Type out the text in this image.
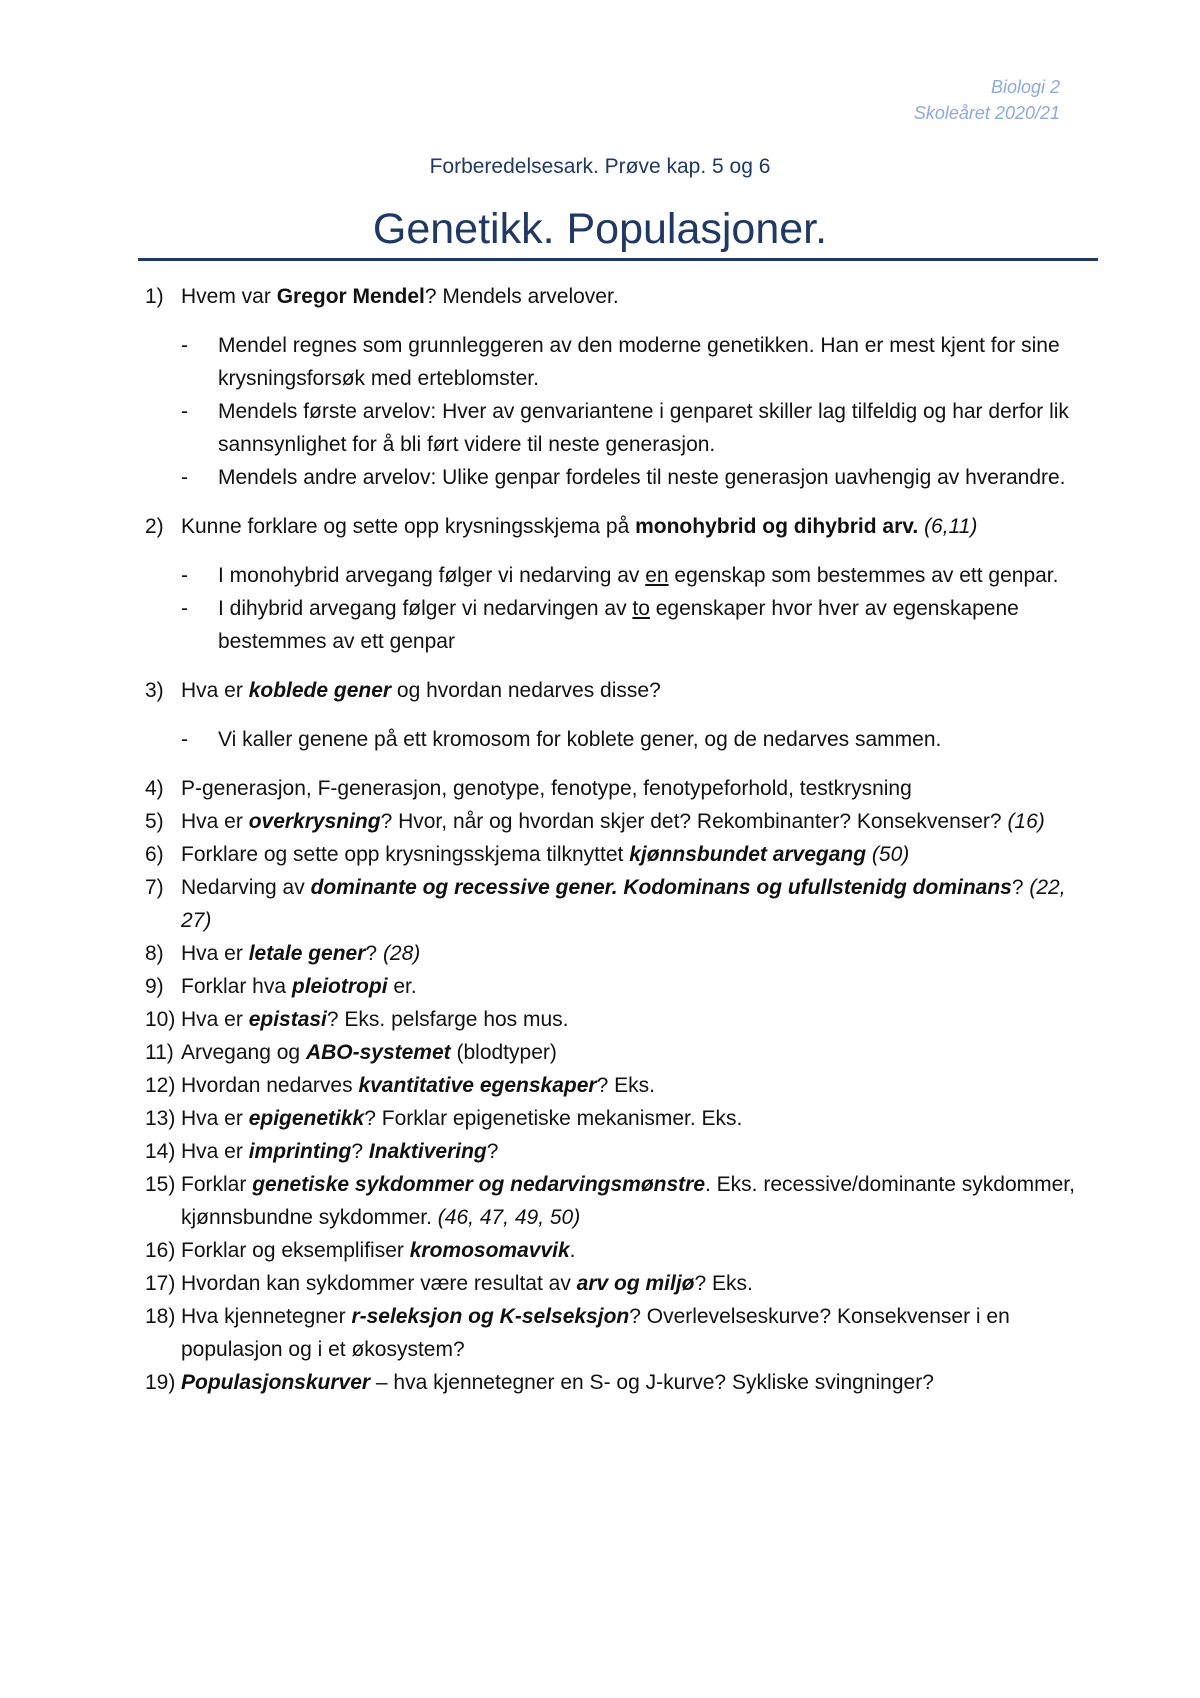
Biologi 2
Skoleåret 2020/21
Forberedelsesark. Prøve kap. 5 og 6
Genetikk. Populasjoner.
1) Hvem var Gregor Mendel? Mendels arvelover.
- Mendel regnes som grunnleggeren av den moderne genetikken. Han er mest kjent for sine krysningsforsøk med erteblomster.
- Mendels første arvelov: Hver av genvariantene i genparet skiller lag tilfeldig og har derfor lik sannsynlighet for å bli ført videre til neste generasjon.
- Mendels andre arvelov: Ulike genpar fordeles til neste generasjon uavhengig av hverandre.
2) Kunne forklare og sette opp krysningsskjema på monohybrid og dihybrid arv. (6,11)
- I monohybrid arvegang følger vi nedarving av en egenskap som bestemmes av ett genpar.
- I dihybrid arvegang følger vi nedarvingen av to egenskaper hvor hver av egenskapene bestemmes av ett genpar
3) Hva er koblede gener og hvordan nedarves disse?
- Vi kaller genene på ett kromosom for koblete gener, og de nedarves sammen.
4) P-generasjon, F-generasjon, genotype, fenotype, fenotypeforhold, testkrysning
5) Hva er overkrysning? Hvor, når og hvordan skjer det? Rekombinanter? Konsekvenser? (16)
6) Forklare og sette opp krysningsskjema tilknyttet kjønnsbundet arvegang (50)
7) Nedarving av dominante og recessive gener. Kodominans og ufullstenidg dominans? (22, 27)
8) Hva er letale gener? (28)
9) Forklar hva pleiotropi er.
10) Hva er epistasi? Eks. pelsfarge hos mus.
11) Arvegang og ABO-systemet (blodtyper)
12) Hvordan nedarves kvantitative egenskaper? Eks.
13) Hva er epigenetikk? Forklar epigenetiske mekanismer. Eks.
14) Hva er imprinting? Inaktivering?
15) Forklar genetiske sykdommer og nedarvingsmønstre. Eks. recessive/dominante sykdommer, kjønnsbundne sykdommer. (46, 47, 49, 50)
16) Forklar og eksemplifiser kromosomavvik.
17) Hvordan kan sykdommer være resultat av arv og miljø? Eks.
18) Hva kjennetegner r-seleksjon og K-selseksjon? Overlevelseskurve? Konsekvenser i en populasjon og i et økosystem?
19) Populasjonskurver – hva kjennetegner en S- og J-kurve? Sykliske svingninger?
